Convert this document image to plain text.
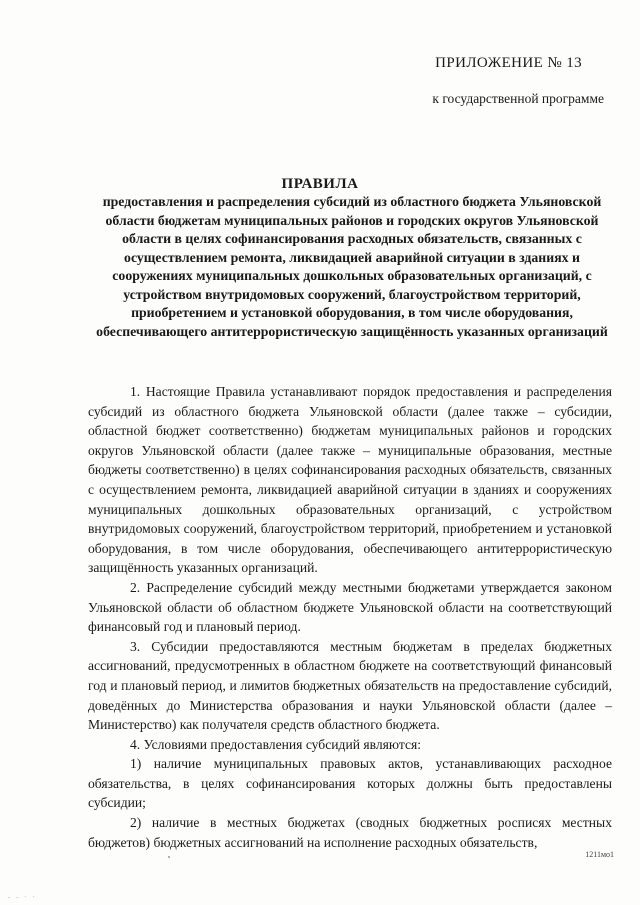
ПРИЛОЖЕНИЕ № 13
к государственной программе
ПРАВИЛА
предоставления и распределения субсидий из областного бюджета Ульяновской области бюджетам муниципальных районов и городских округов Ульяновской области в целях софинансирования расходных обязательств, связанных с осуществлением ремонта, ликвидацией аварийной ситуации в зданиях и сооружениях муниципальных дошкольных образовательных организаций, с устройством внутридомовых сооружений, благоустройством территорий, приобретением и установкой оборудования, в том числе оборудования, обеспечивающего антитеррористическую защищённость указанных организаций

1. Настоящие Правила устанавливают порядок предоставления и распределения субсидий из областного бюджета Ульяновской области (далее также – субсидии, областной бюджет соответственно) бюджетам муниципальных районов и городских округов Ульяновской области (далее также – муниципальные образования, местные бюджеты соответственно) в целях софинансирования расходных обязательств, связанных с осуществлением ремонта, ликвидацией аварийной ситуации в зданиях и сооружениях муниципальных дошкольных образовательных организаций, с устройством внутридомовых сооружений, благоустройством территорий, приобретением и установкой оборудования, в том числе оборудования, обеспечивающего антитеррористическую защищённость указанных организаций.

2. Распределение субсидий между местными бюджетами утверждается законом Ульяновской области об областном бюджете Ульяновской области на соответствующий финансовый год и плановый период.

3. Субсидии предоставляются местным бюджетам в пределах бюджетных ассигнований, предусмотренных в областном бюджете на соответствующий финансовый год и плановый период, и лимитов бюджетных обязательств на предоставление субсидий, доведённых до Министерства образования и науки Ульяновской области (далее – Министерство) как получателя средств областного бюджета.

4. Условиями предоставления субсидий являются:

1) наличие муниципальных правовых актов, устанавливающих расходное обязательства, в целях софинансирования которых должны быть предоставлены субсидии;

2) наличие в местных бюджетах (сводных бюджетных росписях местных бюджетов) бюджетных ассигнований на исполнение расходных обязательств,

1211мо1
- - · ·
